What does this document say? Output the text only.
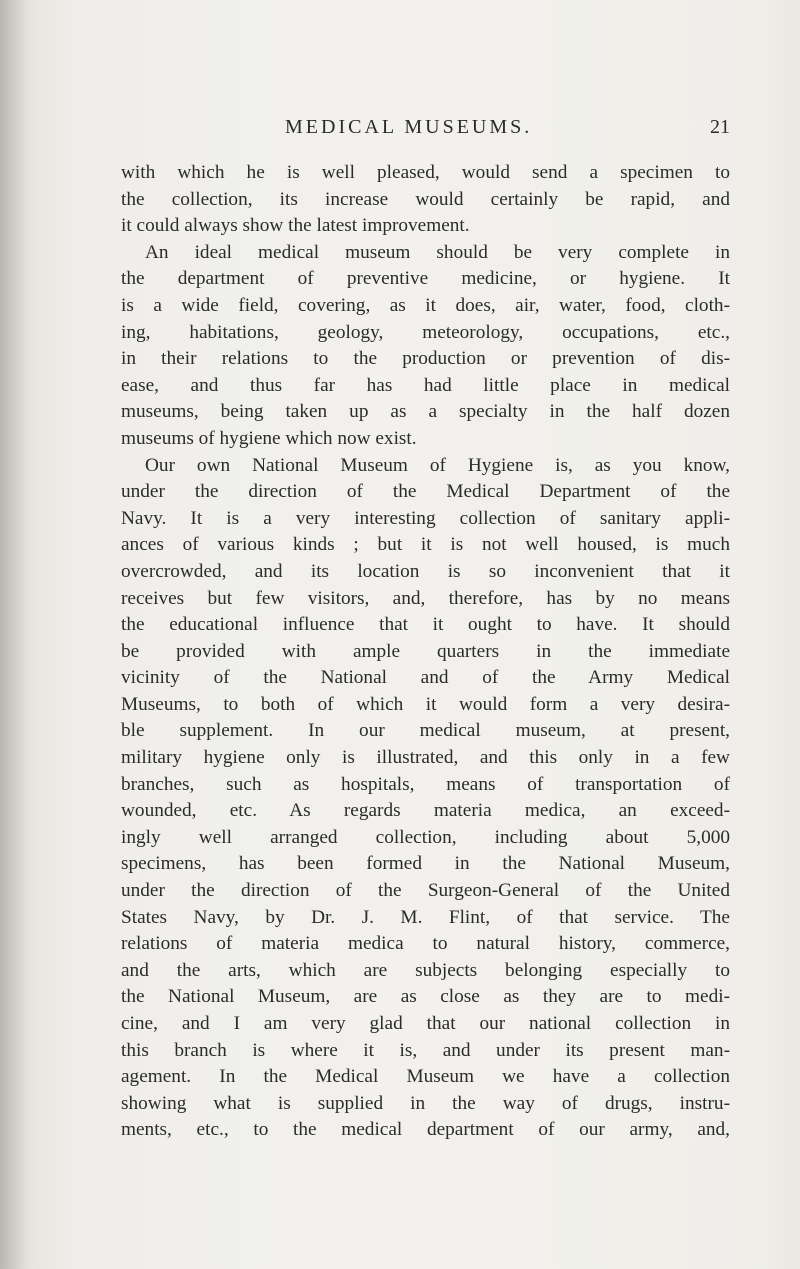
MEDICAL MUSEUMS.	21
with which he is well pleased, would send a specimen to
the collection, its increase would certainly be rapid, and
it could always show the latest improvement.
An ideal medical museum should be very complete in
the department of preventive medicine, or hygiene. It
is a wide field, covering, as it does, air, water, food, cloth-
ing, habitations, geology, meteorology, occupations, etc.,
in their relations to the production or prevention of dis-
ease, and thus far has had little place in medical
museums, being taken up as a specialty in the half dozen
museums of hygiene which now exist.
Our own National Museum of Hygiene is, as you know,
under the direction of the Medical Department of the
Navy. It is a very interesting collection of sanitary appli-
ances of various kinds ; but it is not well housed, is much
overcrowded, and its location is so inconvenient that it
receives but few visitors, and, therefore, has by no means
the educational influence that it ought to have. It should
be provided with ample quarters in the immediate
vicinity of the National and of the Army Medical
Museums, to both of which it would form a very desira-
ble supplement. In our medical museum, at present,
military hygiene only is illustrated, and this only in a few
branches, such as hospitals, means of transportation of
wounded, etc. As regards materia medica, an exceed-
ingly well arranged collection, including about 5,000
specimens, has been formed in the National Museum,
under the direction of the Surgeon-General of the United
States Navy, by Dr. J. M. Flint, of that service. The
relations of materia medica to natural history, commerce,
and the arts, which are subjects belonging especially to
the National Museum, are as close as they are to medi-
cine, and I am very glad that our national collection in
this branch is where it is, and under its present man-
agement. In the Medical Museum we have a collection
showing what is supplied in the way of drugs, instru-
ments, etc., to the medical department of our army, and,
